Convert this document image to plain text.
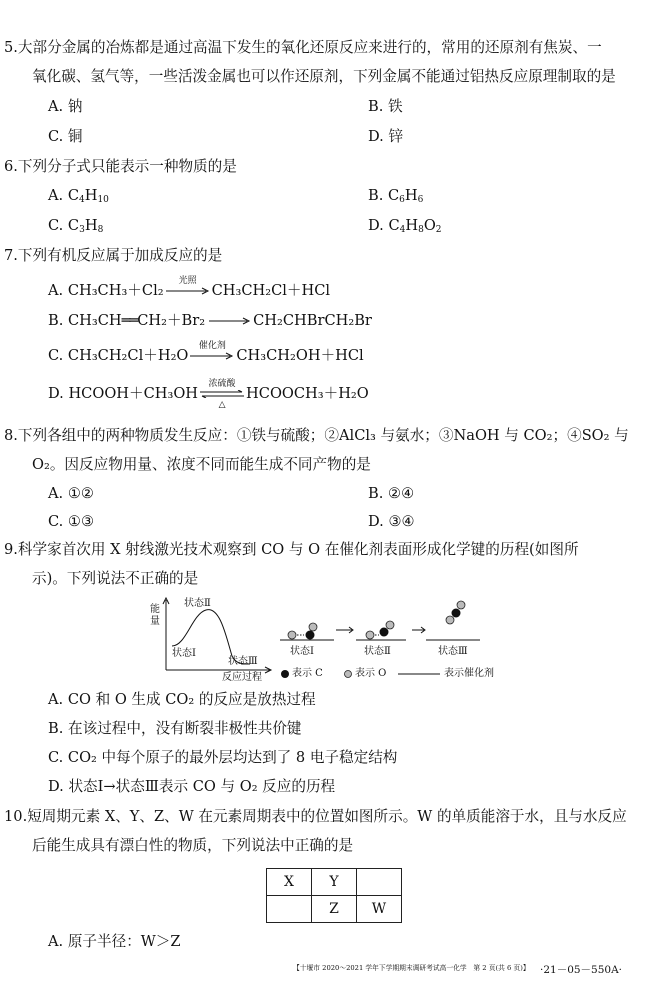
5.大部分金属的冶炼都是通过高温下发生的氧化还原反应来进行的，常用的还原剂有焦炭、一
氧化碳、氢气等，一些活泼金属也可以作还原剂，下列金属不能通过铝热反应原理制取的是
A. 钠	B. 铁
C. 铜	D. 锌
6.下列分子式只能表示一种物质的是
A. $C_4H_{10}$	B. $C_6H_6$
C. $C_3H_8$	D. $C_4H_8O_2$
7.下列有机反应属于加成反应的是
A. CH₃CH₃＋Cl₂
光照
CH₃CH₂Cl＋HCl
B. CH₃CH══CH₂＋Br₂ → CH₂CHBrCH₂Br
C. CH₃CH₂Cl＋H₂O
催化剂
CH₃CH₂OH＋HCl
D. HCOOH＋CH₃OH
浓硫酸
△
HCOOCH₃＋H₂O
8.下列各组中的两种物质发生反应：①铁与硫酸；②AlCl₃ 与氨水；③NaOH 与 CO₂；④SO₂ 与
O₂。因反应物用量、浓度不同而能生成不同产物的是
A. ①②	B. ②④
C. ①③	D. ③④
9.科学家首次用 X 射线激光技术观察到 CO 与 O 在催化剂表面形成化学键的历程(如图所
示)。下列说法不正确的是
能
量
状态Ⅱ
状态Ⅰ
状态Ⅲ
反应过程
状态Ⅰ	状态Ⅱ	状态Ⅲ
表示 C	表示 O	表示催化剂
A. CO 和 O 生成 CO₂ 的反应是放热过程
B. 在该过程中，没有断裂非极性共价键
C. CO₂ 中每个原子的最外层均达到了 8 电子稳定结构
D. 状态Ⅰ→状态Ⅲ表示 CO 与 O₂ 反应的历程
10.短周期元素 X、Y、Z、W 在元素周期表中的位置如图所示。W 的单质能溶于水，且与水反应
后能生成具有漂白性的物质，下列说法中正确的是
X	Y	
	Z	W
A. 原子半径：W＞Z
【十堰市 2020～2021 学年下学期期末调研考试高一化学　第 2 页(共 6 页)】 ·21－05－550A·
